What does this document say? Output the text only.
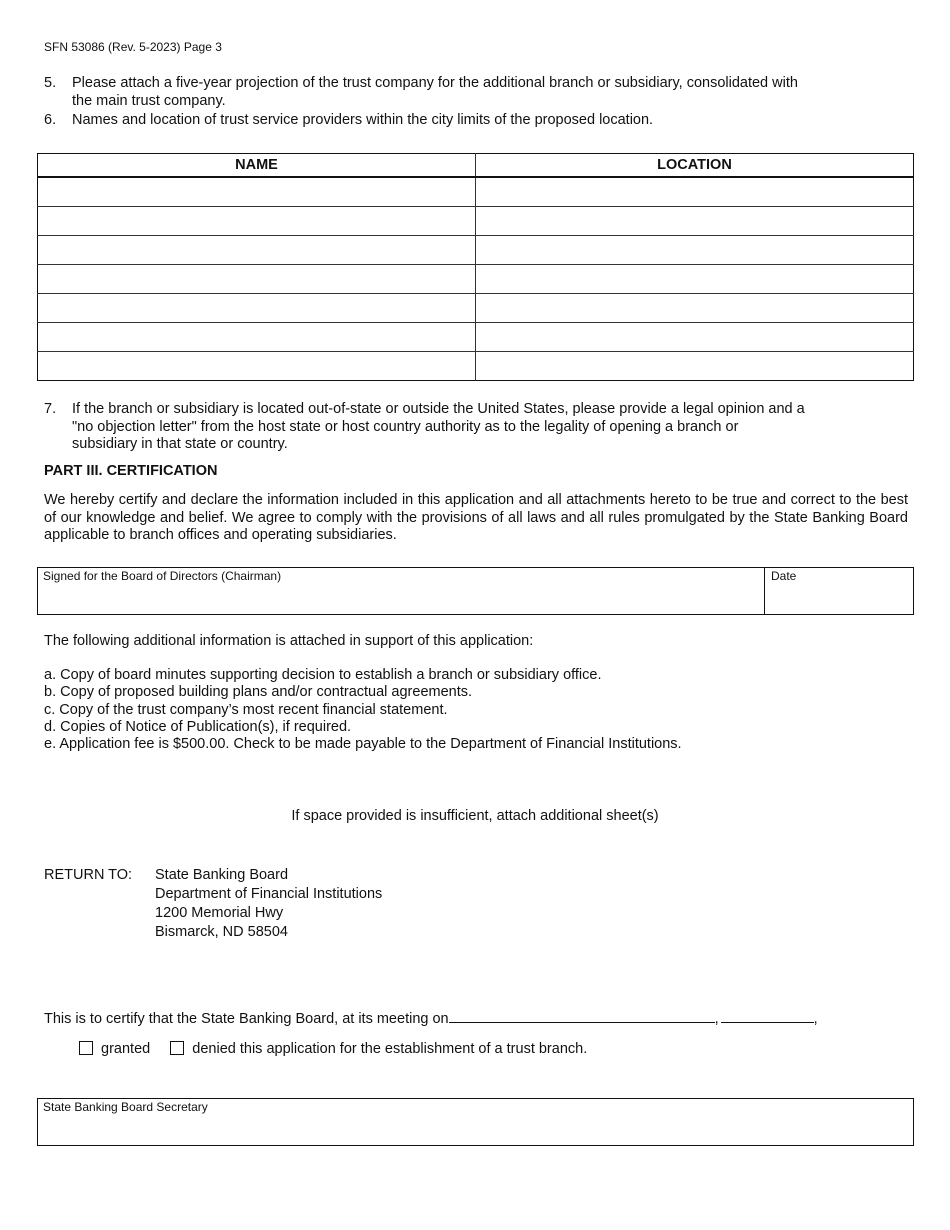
SFN 53086 (Rev. 5-2023) Page 3
5. Please attach a five-year projection of the trust company for the additional branch or subsidiary, consolidated with
the main trust company.
6. Names and location of trust service providers within the city limits of the proposed location.
NAME	LOCATION

7. If the branch or subsidiary is located out-of-state or outside the United States, please provide a legal opinion and a
"no objection letter" from the host state or host country authority as to the legality of opening a branch or
subsidiary in that state or country.
PART III. CERTIFICATION
We hereby certify and declare the information included in this application and all attachments hereto to be true and correct to the best of our knowledge and belief. We agree to comply with the provisions of all laws and all rules promulgated by the State Banking Board applicable to branch offices and operating subsidiaries.
Signed for the Board of Directors (Chairman)	Date
The following additional information is attached in support of this application:
a. Copy of board minutes supporting decision to establish a branch or subsidiary office.
b. Copy of proposed building plans and/or contractual agreements.
c. Copy of the trust company’s most recent financial statement.
d. Copies of Notice of Publication(s), if required.
e. Application fee is $500.00. Check to be made payable to the Department of Financial Institutions.
If space provided is insufficient, attach additional sheet(s)
RETURN TO: State Banking Board
Department of Financial Institutions
1200 Memorial Hwy
Bismarck, ND 58504
This is to certify that the State Banking Board, at its meeting on	,	,
granted	denied this application for the establishment of a trust branch.
State Banking Board Secretary
